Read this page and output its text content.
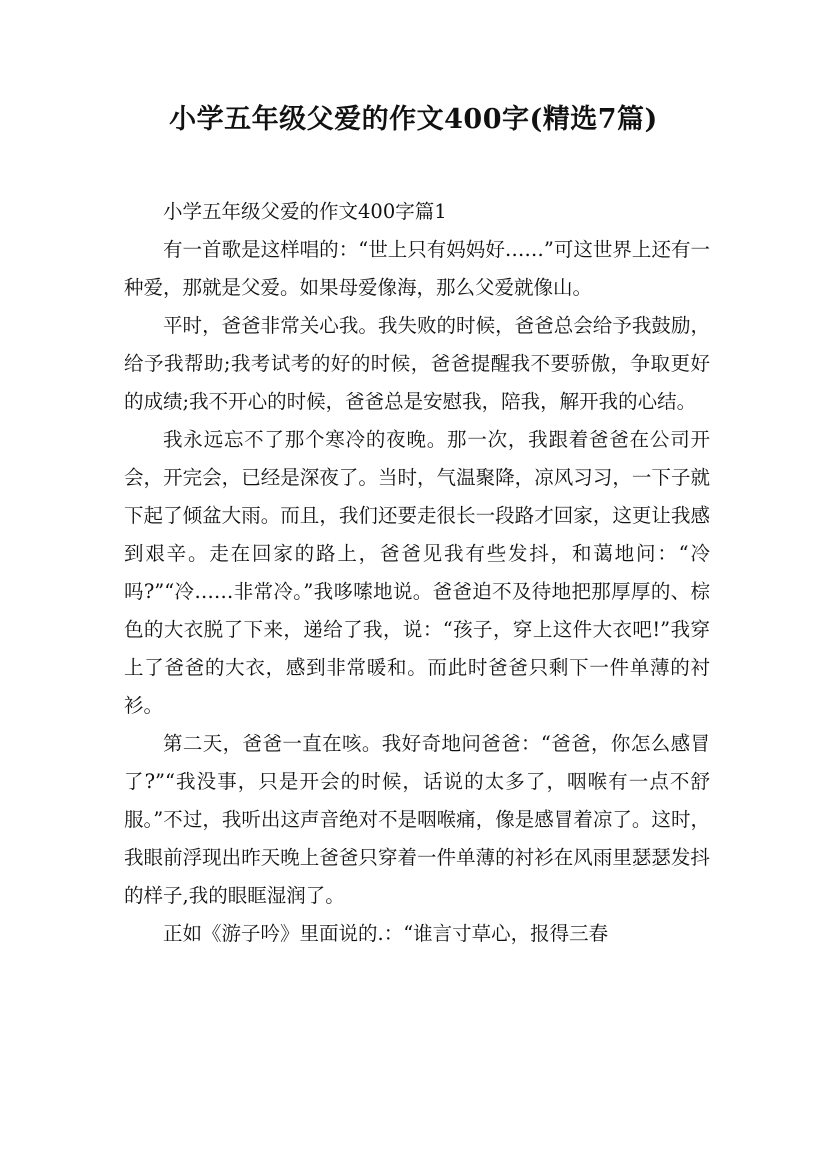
小学五年级父爱的作文400字(精选7篇)
小学五年级父爱的作文400字篇1

有一首歌是这样唱的：“世上只有妈妈好……”可这世界上还有一种爱，那就是父爱。如果母爱像海，那么父爱就像山。

平时，爸爸非常关心我。我失败的时候，爸爸总会给予我鼓励，给予我帮助;我考试考的好的时候，爸爸提醒我不要骄傲，争取更好的成绩;我不开心的时候，爸爸总是安慰我，陪我，解开我的心结。

我永远忘不了那个寒冷的夜晚。那一次，我跟着爸爸在公司开会，开完会，已经是深夜了。当时，气温聚降，凉风习习，一下子就下起了倾盆大雨。而且，我们还要走很长一段路才回家，这更让我感到艰辛。走在回家的路上，爸爸见我有些发抖，和蔼地问：“冷吗?”“冷……非常冷。”我哆嗦地说。爸爸迫不及待地把那厚厚的、棕色的大衣脱了下来，递给了我，说：“孩子，穿上这件大衣吧!”我穿上了爸爸的大衣，感到非常暖和。而此时爸爸只剩下一件单薄的衬衫。

第二天，爸爸一直在咳。我好奇地问爸爸：“爸爸，你怎么感冒了?”“我没事，只是开会的时候，话说的太多了，咽喉有一点不舒服。”不过，我听出这声音绝对不是咽喉痛，像是感冒着凉了。这时，我眼前浮现出昨天晚上爸爸只穿着一件单薄的衬衫在风雨里瑟瑟发抖的样子,我的眼眶湿润了。

正如《游子吟》里面说的.：“谁言寸草心，报得三春
